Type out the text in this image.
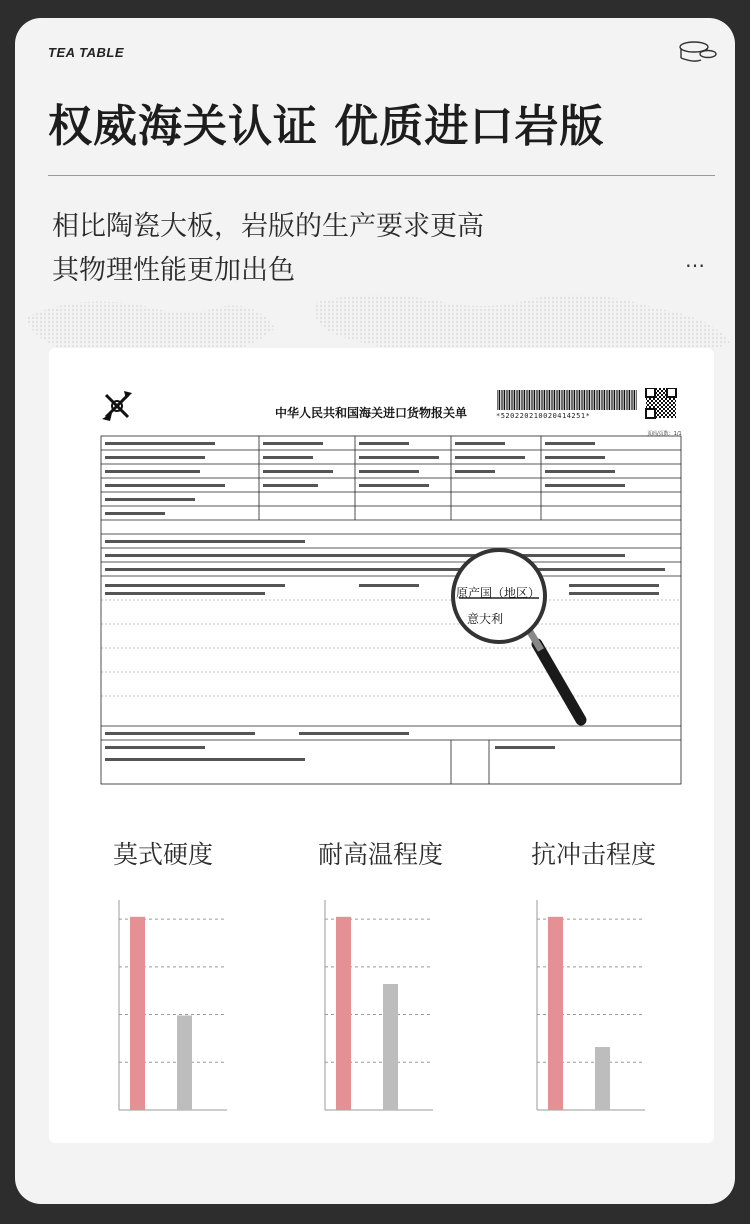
TEA TABLE
权威海关认证 优质进口岩版
相比陶瓷大板，岩版的生产要求更高
其物理性能更加出色	…
中华人民共和国海关进口货物报关单	*520220210020414251*
页码/页数：1/1
原产国（地区）
意大利
莫式硬度	耐高温程度	抗冲击程度
